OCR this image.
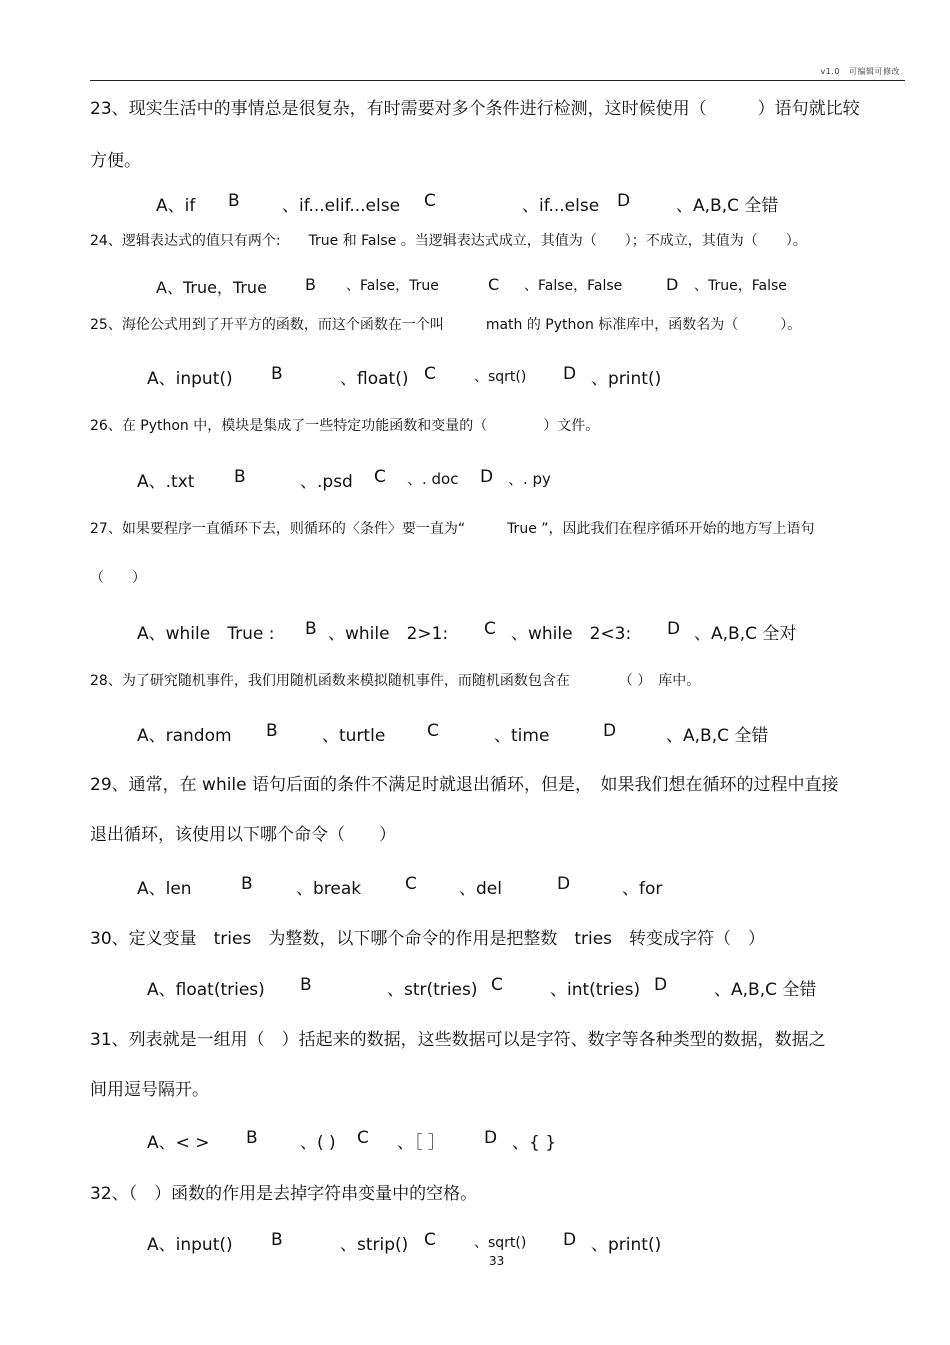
v1.0 可编辑可修改
23、现实生活中的事情总是很复杂，有时需要对多个条件进行检测，这时候使用（　　　）语句就比较
方便。
A、if B 、if...elif...else C	、if...else D	、A,B,C 全错
24、逻辑表达式的值只有两个:　　True 和 False 。当逻辑表达式成立，其值为（　　）；不成立，其值为（　　）。
A、True，True B 、False，True	C 、False，False	D 、True，False
25、海伦公式用到了开平方的函数，而这个函数在一个叫　　　math 的 Python 标准库中，函数名为（　　　）。
A、input() B	、float() C	、sqrt() D 、print()
26、在 Python 中，模块是集成了一些特定功能函数和变量的（　　　　）文件。
A、.txt B	、.psd C 、. doc D 、. py
27、如果要程序一直循环下去，则循环的〈条件〉要一直为“　　　True ”，因此我们在程序循环开始的地方写上语句
（　　）
A、while　True : B 、while　2>1: C 、while　2<3: D 、A,B,C 全对
28、为了研究随机事件，我们用随机函数来模拟随机事件，而随机函数包含在　　　　（ ）　库中。
A、random B	、turtle C	、time	D	、A,B,C 全错
29、通常，在 while 语句后面的条件不满足时就退出循环，但是，　如果我们想在循环的过程中直接
退出循环，该使用以下哪个命令（　　）
A、len	B	、break	C 、del	D	、for
30、定义变量　tries　为整数，以下哪个命令的作用是把整数　tries　转变成字符（　）
A、float(tries) B	、str(tries) C	、int(tries) D	、A,B,C 全错
31、列表就是一组用（　）括起来的数据，这些数据可以是字符、数字等各种类型的数据，数据之
间用逗号隔开。
A、< > B 、( ) C 、［ ］ D 、{ }
32、（　）函数的作用是去掉字符串变量中的空格。
A、input() B	、strip() C	、sqrt() D 、print()
33
